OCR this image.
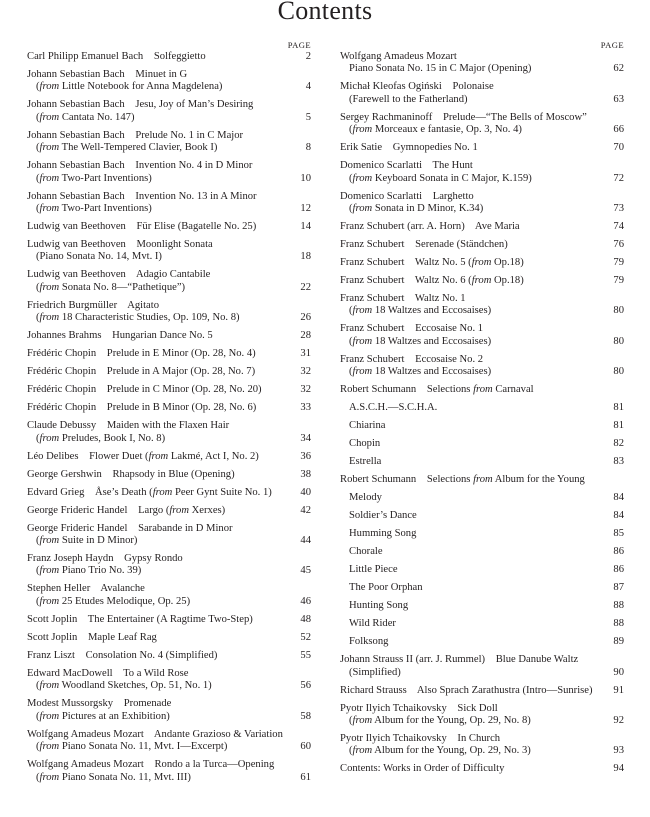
Contents
PAGE
Carl Philipp Emanuel Bach Solfeggietto	2
Johann Sebastian Bach Minuet in G
(from Little Notebook for Anna Magdelena)	4
Johann Sebastian Bach Jesu, Joy of Man’s Desiring
(from Cantata No. 147)	5
Johann Sebastian Bach Prelude No. 1 in C Major
(from The Well-Tempered Clavier, Book I)	8
Johann Sebastian Bach Invention No. 4 in D Minor
(from Two-Part Inventions)	10
Johann Sebastian Bach Invention No. 13 in A Minor
(from Two-Part Inventions)	12
Ludwig van Beethoven Für Elise (Bagatelle No. 25)	14
Ludwig van Beethoven Moonlight Sonata
(Piano Sonata No. 14, Mvt. I)	18
Ludwig van Beethoven Adagio Cantabile
(from Sonata No. 8—“Pathetique”)	22
Friedrich Burgmüller Agitato
(from 18 Characteristic Studies, Op. 109, No. 8)	26
Johannes Brahms Hungarian Dance No. 5	28
Frédéric Chopin Prelude in E Minor (Op. 28, No. 4)	31
Frédéric Chopin Prelude in A Major (Op. 28, No. 7)	32
Frédéric Chopin Prelude in C Minor (Op. 28, No. 20)	32
Frédéric Chopin Prelude in B Minor (Op. 28, No. 6)	33
Claude Debussy Maiden with the Flaxen Hair
(from Preludes, Book I, No. 8)	34
Léo Delibes Flower Duet (from Lakmé, Act I, No. 2)	36
George Gershwin Rhapsody in Blue (Opening)	38
Edvard Grieg Åse’s Death (from Peer Gynt Suite No. 1)	40
George Frideric Handel Largo (from Xerxes)	42
George Frideric Handel Sarabande in D Minor
(from Suite in D Minor)	44
Franz Joseph Haydn Gypsy Rondo
(from Piano Trio No. 39)	45
Stephen Heller Avalanche
(from 25 Etudes Melodique, Op. 25)	46
Scott Joplin The Entertainer (A Ragtime Two-Step)	48
Scott Joplin Maple Leaf Rag	52
Franz Liszt Consolation No. 4 (Simplified)	55
Edward MacDowell To a Wild Rose
(from Woodland Sketches, Op. 51, No. 1)	56
Modest Mussorgsky Promenade
(from Pictures at an Exhibition)	58
Wolfgang Amadeus Mozart Andante Grazioso & Variation
(from Piano Sonata No. 11, Mvt. I—Excerpt)	60
Wolfgang Amadeus Mozart Rondo a la Turca—Opening
(from Piano Sonata No. 11, Mvt. III)	61
PAGE
Wolfgang Amadeus Mozart
Piano Sonata No. 15 in C Major (Opening)	62
Michał Kleofas Ogiński Polonaise
(Farewell to the Fatherland)	63
Sergey Rachmaninoff Prelude—“The Bells of Moscow”
(from Morceaux e fantasie, Op. 3, No. 4)	66
Erik Satie Gymnopedies No. 1	70
Domenico Scarlatti The Hunt
(from Keyboard Sonata in C Major, K.159)	72
Domenico Scarlatti Larghetto
(from Sonata in D Minor, K.34)	73
Franz Schubert (arr. A. Horn) Ave Maria	74
Franz Schubert Serenade (Ständchen)	76
Franz Schubert Waltz No. 5 (from Op.18)	79
Franz Schubert Waltz No. 6 (from Op.18)	79
Franz Schubert Waltz No. 1
(from 18 Waltzes and Eccosaises)	80
Franz Schubert Eccosaise No. 1
(from 18 Waltzes and Eccosaises)	80
Franz Schubert Eccosaise No. 2
(from 18 Waltzes and Eccosaises)	80
Robert Schumann Selections from Carnaval
A.S.C.H.—S.C.H.A.	81
Chiarina	81
Chopin	82
Estrella	83
Robert Schumann Selections from Album for the Young
Melody	84
Soldier’s Dance	84
Humming Song	85
Chorale	86
Little Piece	86
The Poor Orphan	87
Hunting Song	88
Wild Rider	88
Folksong	89
Johann Strauss II (arr. J. Rummel) Blue Danube Waltz
(Simplified)	90
Richard Strauss Also Sprach Zarathustra (Intro—Sunrise)	91
Pyotr Ilyich Tchaikovsky Sick Doll
(from Album for the Young, Op. 29, No. 8)	92
Pyotr Ilyich Tchaikovsky In Church
(from Album for the Young, Op. 29, No. 3)	93
Contents: Works in Order of Difficulty	94
